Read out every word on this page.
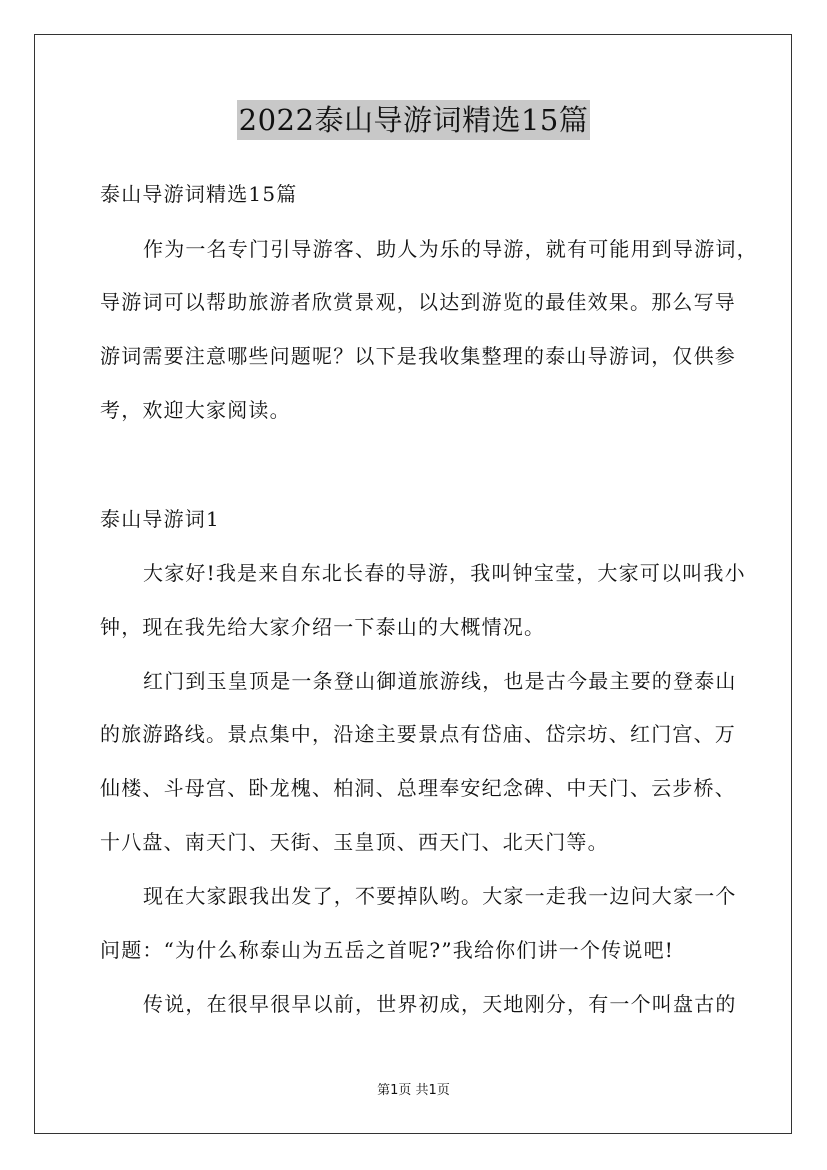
2022泰山导游词精选15篇
泰山导游词精选15篇
作为一名专门引导游客、助人为乐的导游，就有可能用到导游词，
导游词可以帮助旅游者欣赏景观，以达到游览的最佳效果。那么写导
游词需要注意哪些问题呢？以下是我收集整理的泰山导游词，仅供参
考，欢迎大家阅读。
泰山导游词1
大家好!我是来自东北长春的导游，我叫钟宝莹，大家可以叫我小
钟，现在我先给大家介绍一下泰山的大概情况。
红门到玉皇顶是一条登山御道旅游线，也是古今最主要的登泰山
的旅游路线。景点集中，沿途主要景点有岱庙、岱宗坊、红门宫、万
仙楼、斗母宫、卧龙槐、柏洞、总理奉安纪念碑、中天门、云步桥、
十八盘、南天门、天街、玉皇顶、西天门、北天门等。
现在大家跟我出发了，不要掉队哟。大家一走我一边问大家一个
问题：“为什么称泰山为五岳之首呢?”我给你们讲一个传说吧!
传说，在很早很早以前，世界初成，天地刚分，有一个叫盘古的
第1页 共1页
